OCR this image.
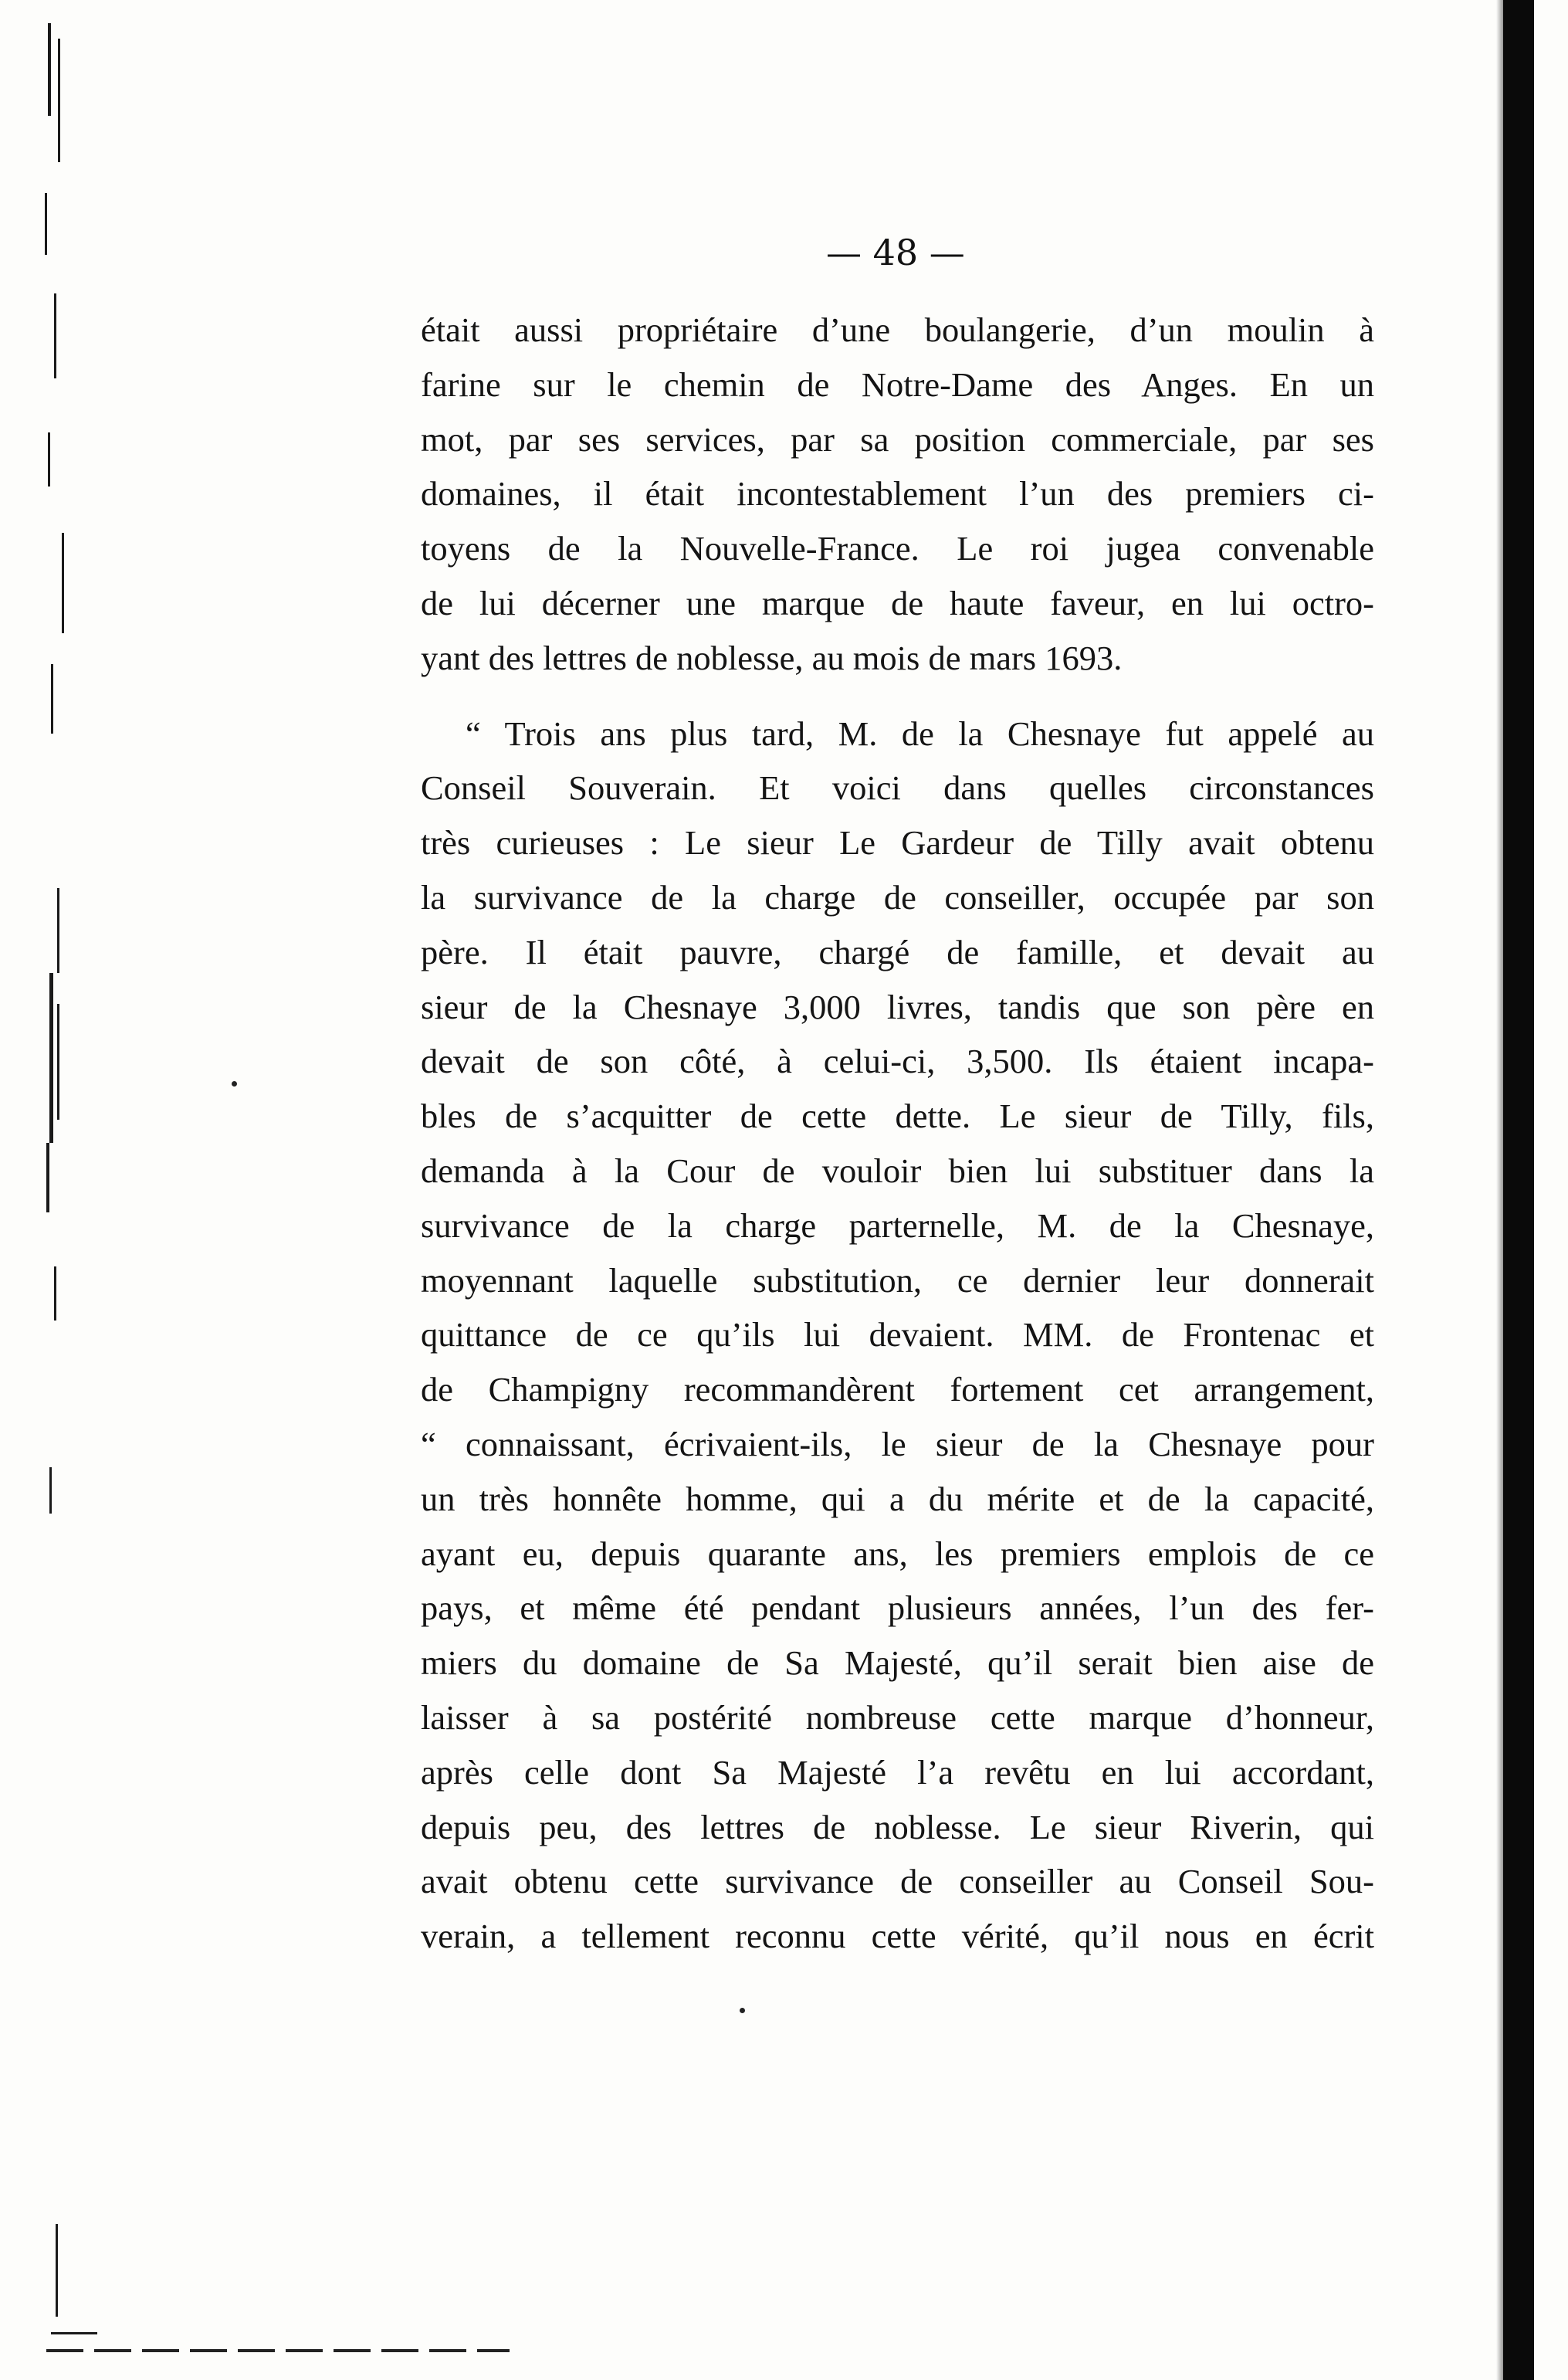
— 48 —
était aussi propriétaire d’une boulangerie, d’un moulin à
farine sur le chemin de Notre-Dame des Anges. En un
mot, par ses services, par sa position commerciale, par ses
domaines, il était incontestablement l’un des premiers ci-
toyens de la Nouvelle-France. Le roi jugea convenable
de lui décerner une marque de haute faveur, en lui octro-
yant des lettres de noblesse, au mois de mars 1693.
“ Trois ans plus tard, M. de la Chesnaye fut appelé au
Conseil Souverain. Et voici dans quelles circonstances
très curieuses : Le sieur Le Gardeur de Tilly avait obtenu
la survivance de la charge de conseiller, occupée par son
père. Il était pauvre, chargé de famille, et devait au
sieur de la Chesnaye 3,000 livres, tandis que son père en
devait de son côté, à celui-ci, 3,500. Ils étaient incapa-
bles de s’acquitter de cette dette. Le sieur de Tilly, fils,
demanda à la Cour de vouloir bien lui substituer dans la
survivance de la charge parternelle, M. de la Chesnaye,
moyennant laquelle substitution, ce dernier leur donnerait
quittance de ce qu’ils lui devaient. MM. de Frontenac et
de Champigny recommandèrent fortement cet arrangement,
“ connaissant, écrivaient-ils, le sieur de la Chesnaye pour
un très honnête homme, qui a du mérite et de la capacité,
ayant eu, depuis quarante ans, les premiers emplois de ce
pays, et même été pendant plusieurs années, l’un des fer-
miers du domaine de Sa Majesté, qu’il serait bien aise de
laisser à sa postérité nombreuse cette marque d’honneur,
après celle dont Sa Majesté l’a revêtu en lui accordant,
depuis peu, des lettres de noblesse. Le sieur Riverin, qui
avait obtenu cette survivance de conseiller au Conseil Sou-
verain, a tellement reconnu cette vérité, qu’il nous en écrit
